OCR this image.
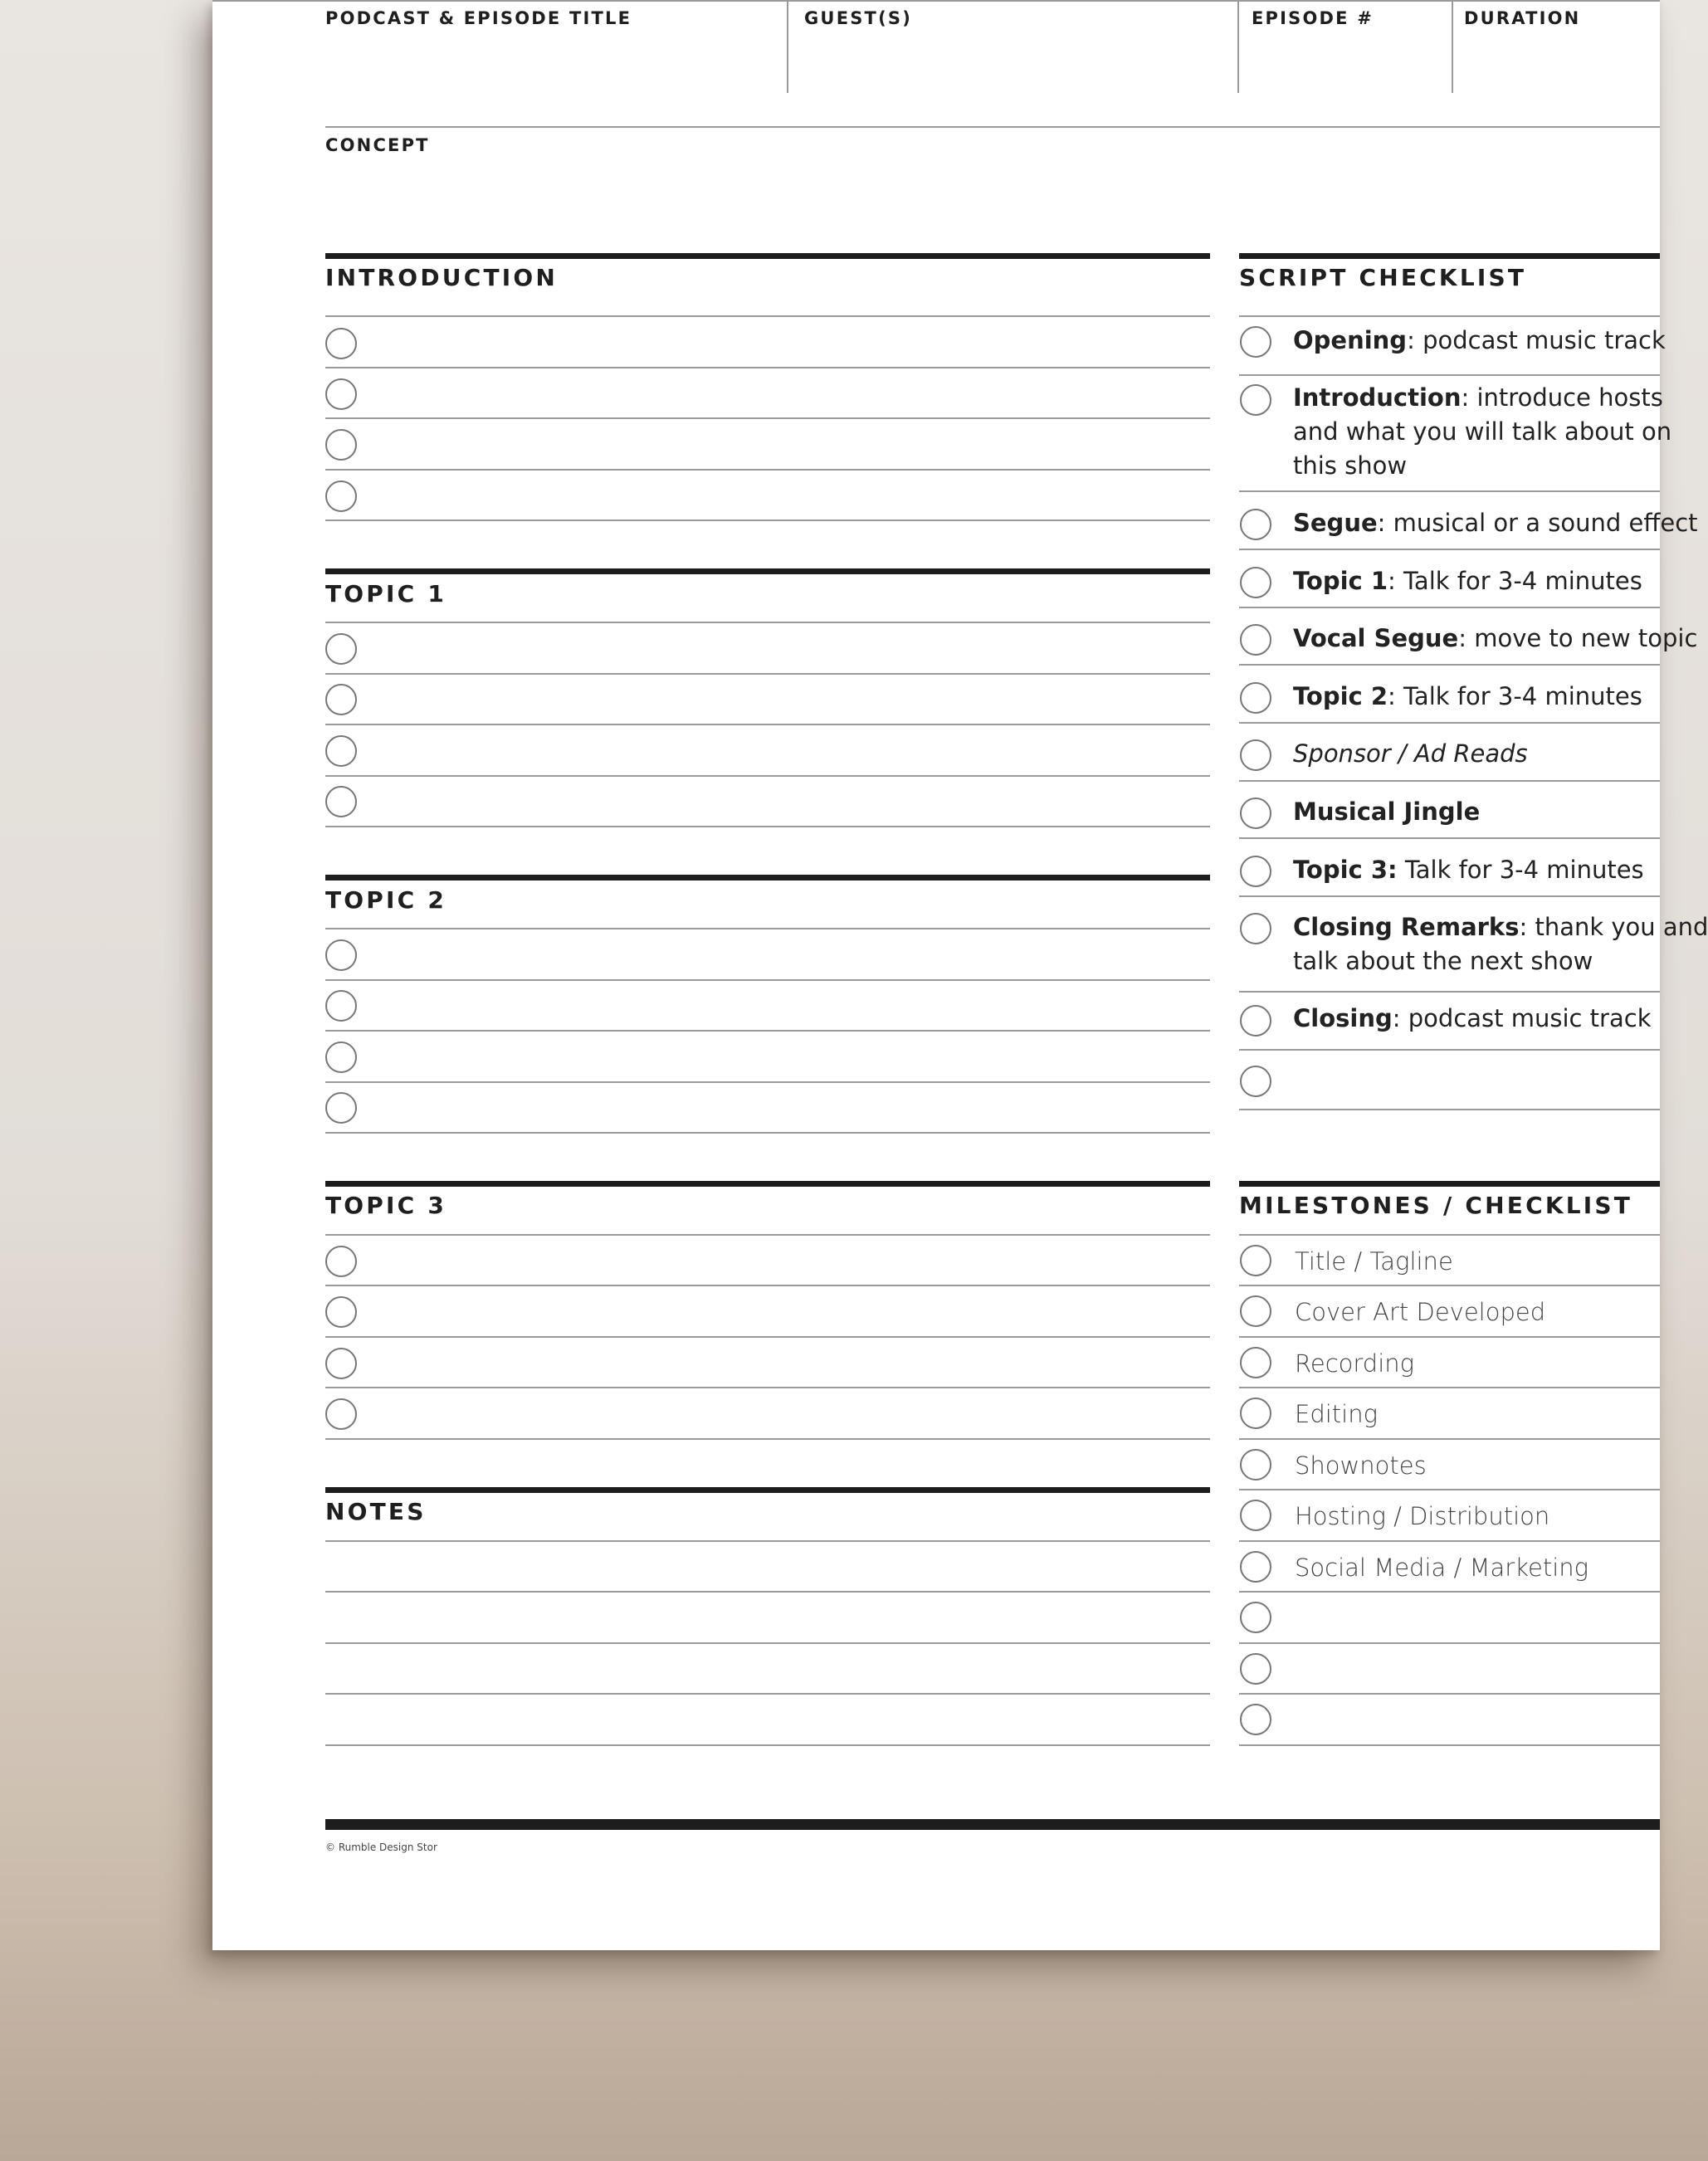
PODCAST & EPISODE TITLE	GUEST(S)	EPISODE #	DURATION
CONCEPT
INTRODUCTION
TOPIC 1
TOPIC 2
TOPIC 3
NOTES
SCRIPT CHECKLIST
Opening: podcast music track
Introduction: introduce hosts
and what you will talk about on
this show
Segue: musical or a sound effect
Topic 1: Talk for 3-4 minutes
Vocal Segue: move to new topic
Topic 2: Talk for 3-4 minutes
Sponsor / Ad Reads
Musical Jingle
Topic 3: Talk for 3-4 minutes
Closing Remarks: thank you and
talk about the next show
Closing: podcast music track
MILESTONES / CHECKLIST
Title / Tagline
Cover Art Developed
Recording
Editing
Shownotes
Hosting / Distribution
Social Media / Marketing
© Rumble Design Stor
